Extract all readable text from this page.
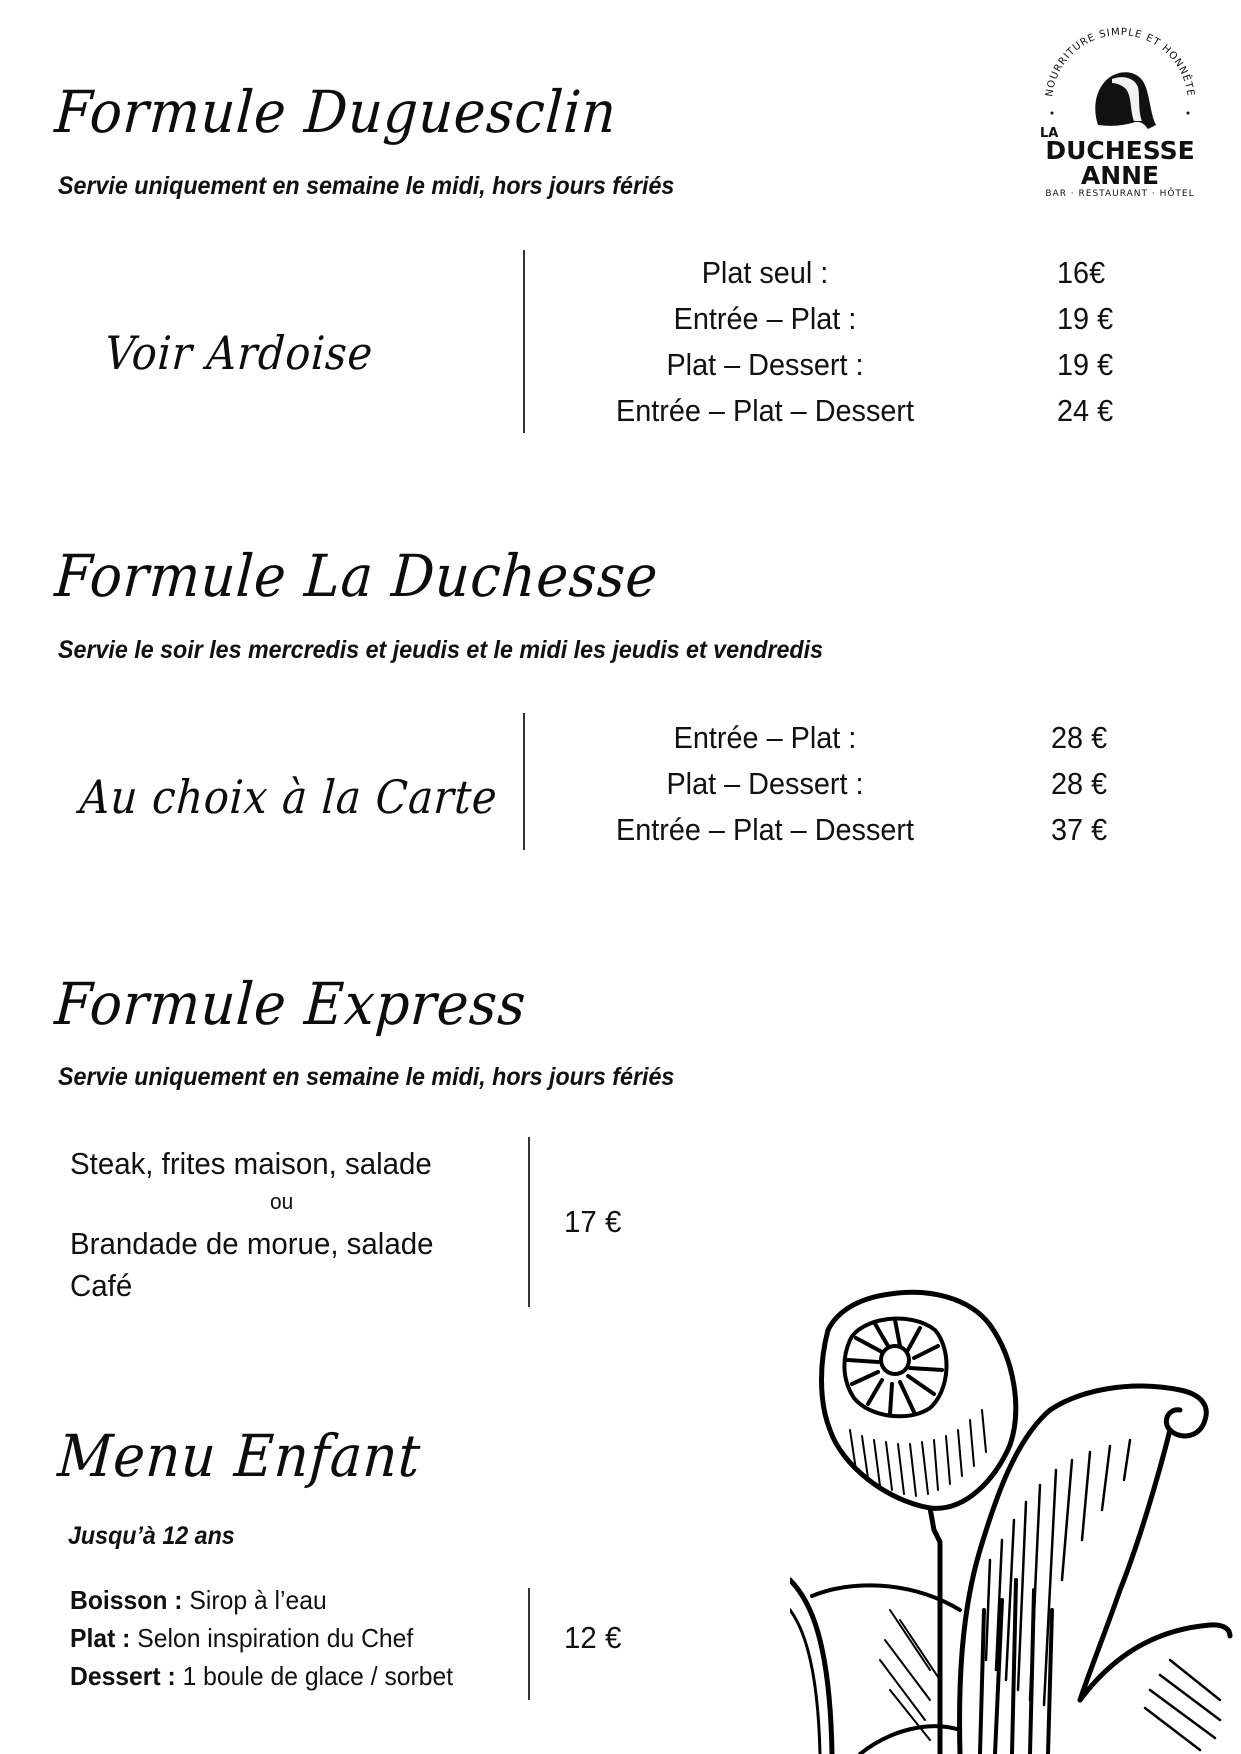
NOURRITURE SIMPLE ET HONNÊTE
LA
DUCHESSE
ANNE
BAR · RESTAURANT · HÔTEL
Formule Duguesclin
Servie uniquement en semaine le midi, hors jours fériés
Voir Ardoise
Plat seul :	16€
Entrée – Plat :	19 €
Plat – Dessert :	19 €
Entrée – Plat – Dessert	24 €
Formule La Duchesse
Servie le soir les mercredis et jeudis et le midi les jeudis et vendredis
Au choix à la Carte
Entrée – Plat :	28 €
Plat – Dessert :	28 €
Entrée – Plat – Dessert	37 €
Formule Express
Servie uniquement en semaine le midi, hors jours fériés
Steak, frites maison, salade
ou
Brandade de morue, salade
Café
17 €
Menu Enfant
Jusqu’à 12 ans
Boisson : Sirop à l’eau
Plat : Selon inspiration du Chef
Dessert : 1 boule de glace / sorbet
12 €
